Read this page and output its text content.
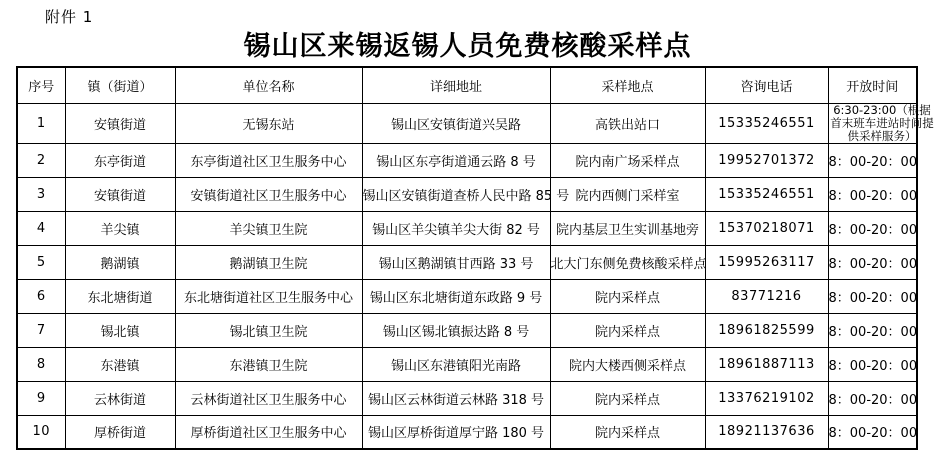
附件 1
锡山区来锡返锡人员免费核酸采样点
序号	镇（街道）	单位名称	详细地址	采样地点	咨询电话	开放时间
1	安镇街道	无锡东站	锡山区安镇街道兴吴路	高铁出站口	15335246551	6:30-23:00（根据首末班车进站时间提供采样服务）

2	东亭街道	东亭街道社区卫生服务中心	锡山区东亭街道通云路 8 号	院内南广场采样点	19952701372	8：00-20：00
3	安镇街道	安镇街道社区卫生服务中心	锡山区安镇街道查桥人民中路 85 号	院内西侧门采样室	15335246551	8：00-20：00
4	羊尖镇	羊尖镇卫生院	锡山区羊尖镇羊尖大街 82 号	院内基层卫生实训基地旁	15370218071	8：00-20：00
5	鹅湖镇	鹅湖镇卫生院	锡山区鹅湖镇甘西路 33 号	北大门东侧免费核酸采样点	15995263117	8：00-20：00
6	东北塘街道	东北塘街道社区卫生服务中心	锡山区东北塘街道东政路 9 号	院内采样点	83771216	8：00-20：00
7	锡北镇	锡北镇卫生院	锡山区锡北镇振达路 8 号	院内采样点	18961825599	8：00-20：00
8	东港镇	东港镇卫生院	锡山区东港镇阳光南路	院内大楼西侧采样点	18961887113	8：00-20：00
9	云林街道	云林街道社区卫生服务中心	锡山区云林街道云林路 318 号	院内采样点	13376219102	8：00-20：00
10	厚桥街道	厚桥街道社区卫生服务中心	锡山区厚桥街道厚宁路 180 号	院内采样点	18921137636	8：00-20：00
